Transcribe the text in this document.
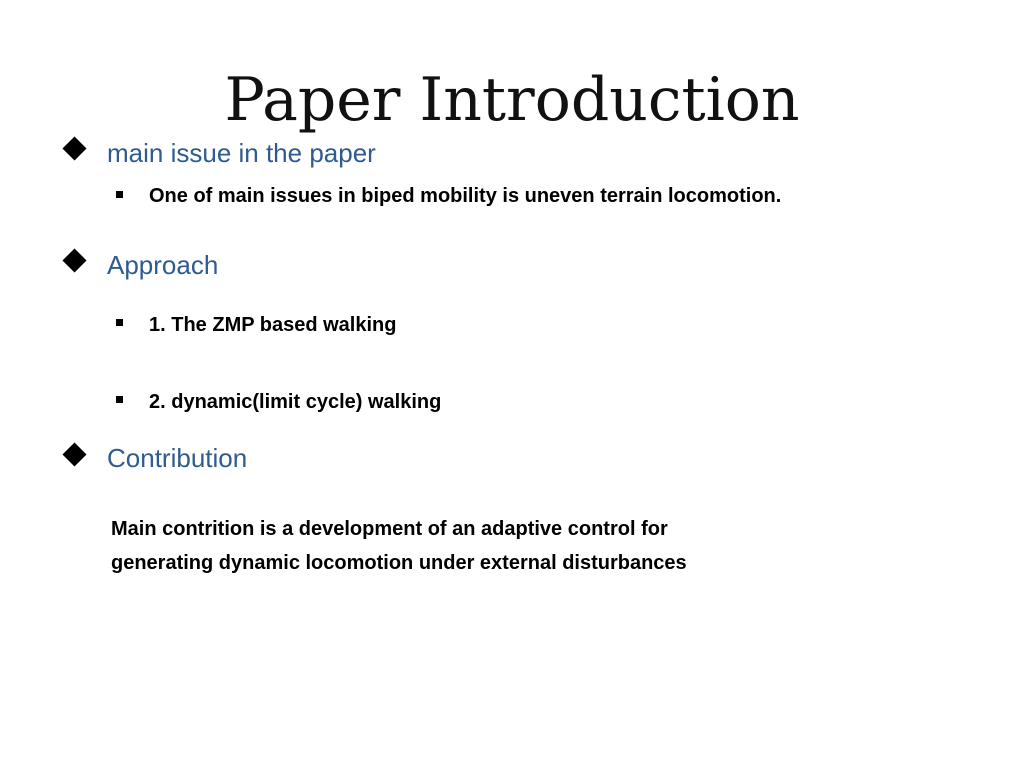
Paper Introduction
main issue in the paper
One of main issues in biped mobility is uneven terrain locomotion.
Approach
1. The ZMP based walking
2. dynamic(limit cycle) walking
Contribution
Main contrition is a development of an adaptive control for
generating dynamic locomotion under external disturbances
